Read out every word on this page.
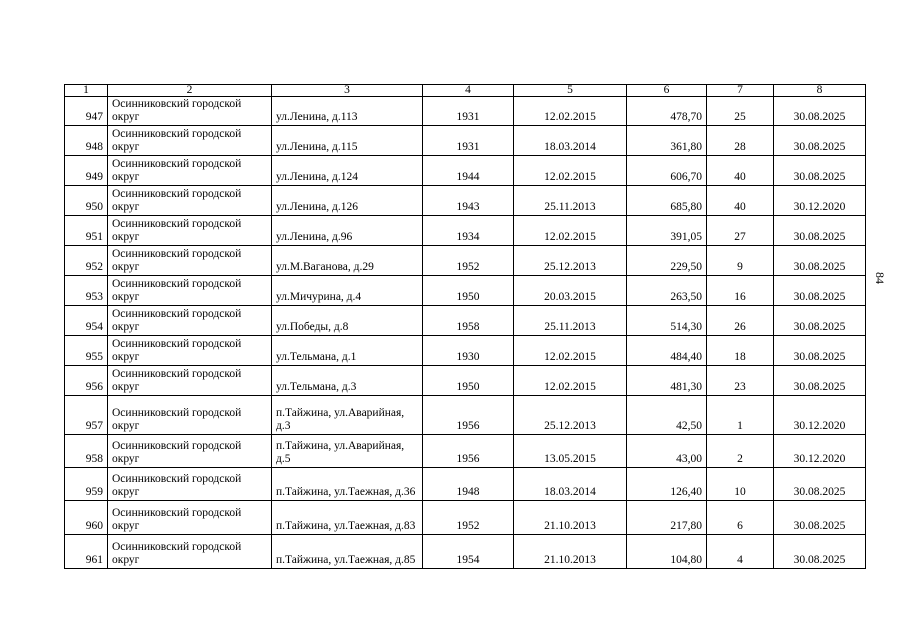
1	2	3	4	5	6	7	8
947	Осинниковский городской округ	ул.Ленина, д.113	1931	12.02.2015	478,70	25	30.08.2025
948	Осинниковский городской округ	ул.Ленина, д.115	1931	18.03.2014	361,80	28	30.08.2025
949	Осинниковский городской округ	ул.Ленина, д.124	1944	12.02.2015	606,70	40	30.08.2025
950	Осинниковский городской округ	ул.Ленина, д.126	1943	25.11.2013	685,80	40	30.12.2020
951	Осинниковский городской округ	ул.Ленина, д.96	1934	12.02.2015	391,05	27	30.08.2025
952	Осинниковский городской округ	ул.М.Ваганова, д.29	1952	25.12.2013	229,50	9	30.08.2025
953	Осинниковский городской округ	ул.Мичурина, д.4	1950	20.03.2015	263,50	16	30.08.2025
954	Осинниковский городской округ	ул.Победы, д.8	1958	25.11.2013	514,30	26	30.08.2025
955	Осинниковский городской округ	ул.Тельмана, д.1	1930	12.02.2015	484,40	18	30.08.2025
956	Осинниковский городской округ	ул.Тельмана, д.3	1950	12.02.2015	481,30	23	30.08.2025
957	Осинниковский городской округ	п.Тайжина, ул.Аварийная, д.3	1956	25.12.2013	42,50	1	30.12.2020
958	Осинниковский городской округ	п.Тайжина, ул.Аварийная, д.5	1956	13.05.2015	43,00	2	30.12.2020
959	Осинниковский городской округ	п.Тайжина, ул.Таежная, д.36	1948	18.03.2014	126,40	10	30.08.2025
960	Осинниковский городской округ	п.Тайжина, ул.Таежная, д.83	1952	21.10.2013	217,80	6	30.08.2025
961	Осинниковский городской округ	п.Тайжина, ул.Таежная, д.85	1954	21.10.2013	104,80	4	30.08.2025
84
